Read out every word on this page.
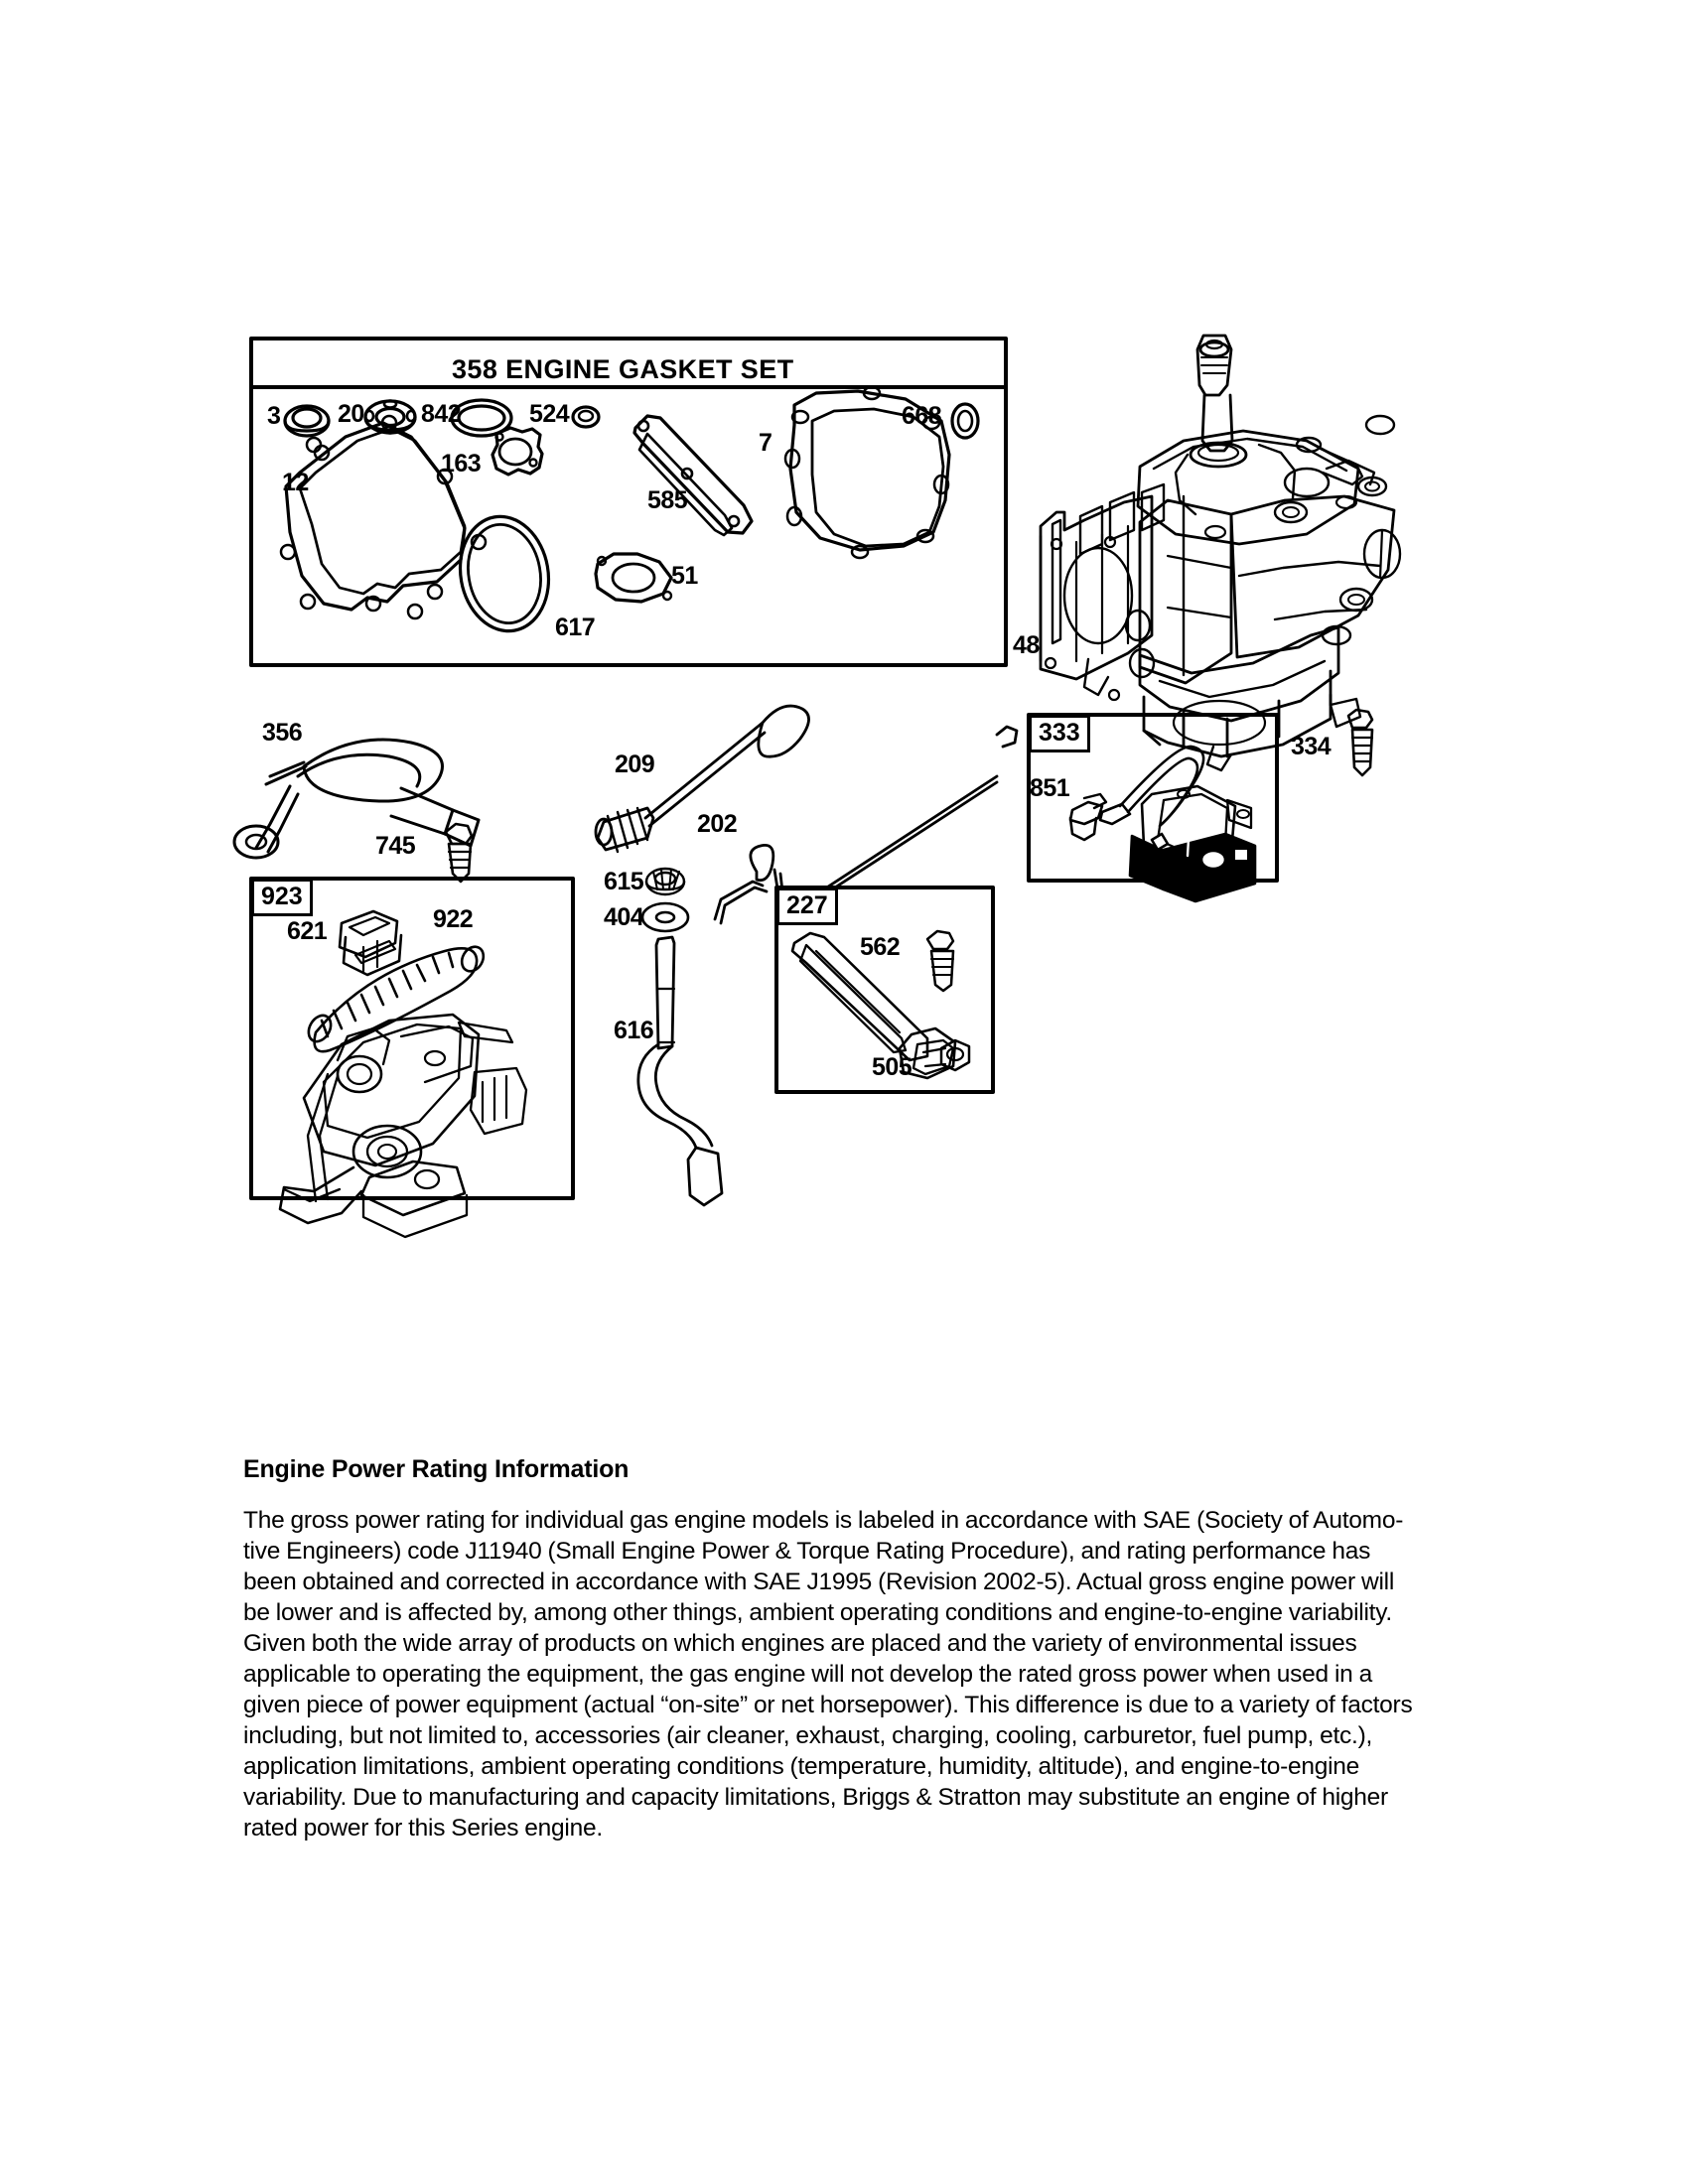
358 ENGINE GASKET SET
3 20 842	524	668
163
7
12
585
51
617
48
356
745
209
202
615
404
616
334
851
621	922
562
505
923	227
333
Engine Power Rating Information

The gross power rating for individual gas engine models is labeled in accordance with SAE (Society of Automo-tive Engineers) code J11940 (Small Engine Power & Torque Rating Procedure), and rating performance has been obtained and corrected in accordance with SAE J1995 (Revision 2002-5). Actual gross engine power will be lower and is affected by, among other things, ambient operating conditions and engine-to-engine variability. Given both the wide array of products on which engines are placed and the variety of environmental issues applicable to operating the equipment, the gas engine will not develop the rated gross power when used in a given piece of power equipment (actual “on-site” or net horsepower). This difference is due to a variety of factors including, but not limited to, accessories (air cleaner, exhaust, charging, cooling, carburetor, fuel pump, etc.), application limitations, ambient operating conditions (temperature, humidity, altitude), and engine-to-engine variability. Due to manufacturing and capacity limitations, Briggs & Stratton may substitute an engine of higher rated power for this Series engine.
